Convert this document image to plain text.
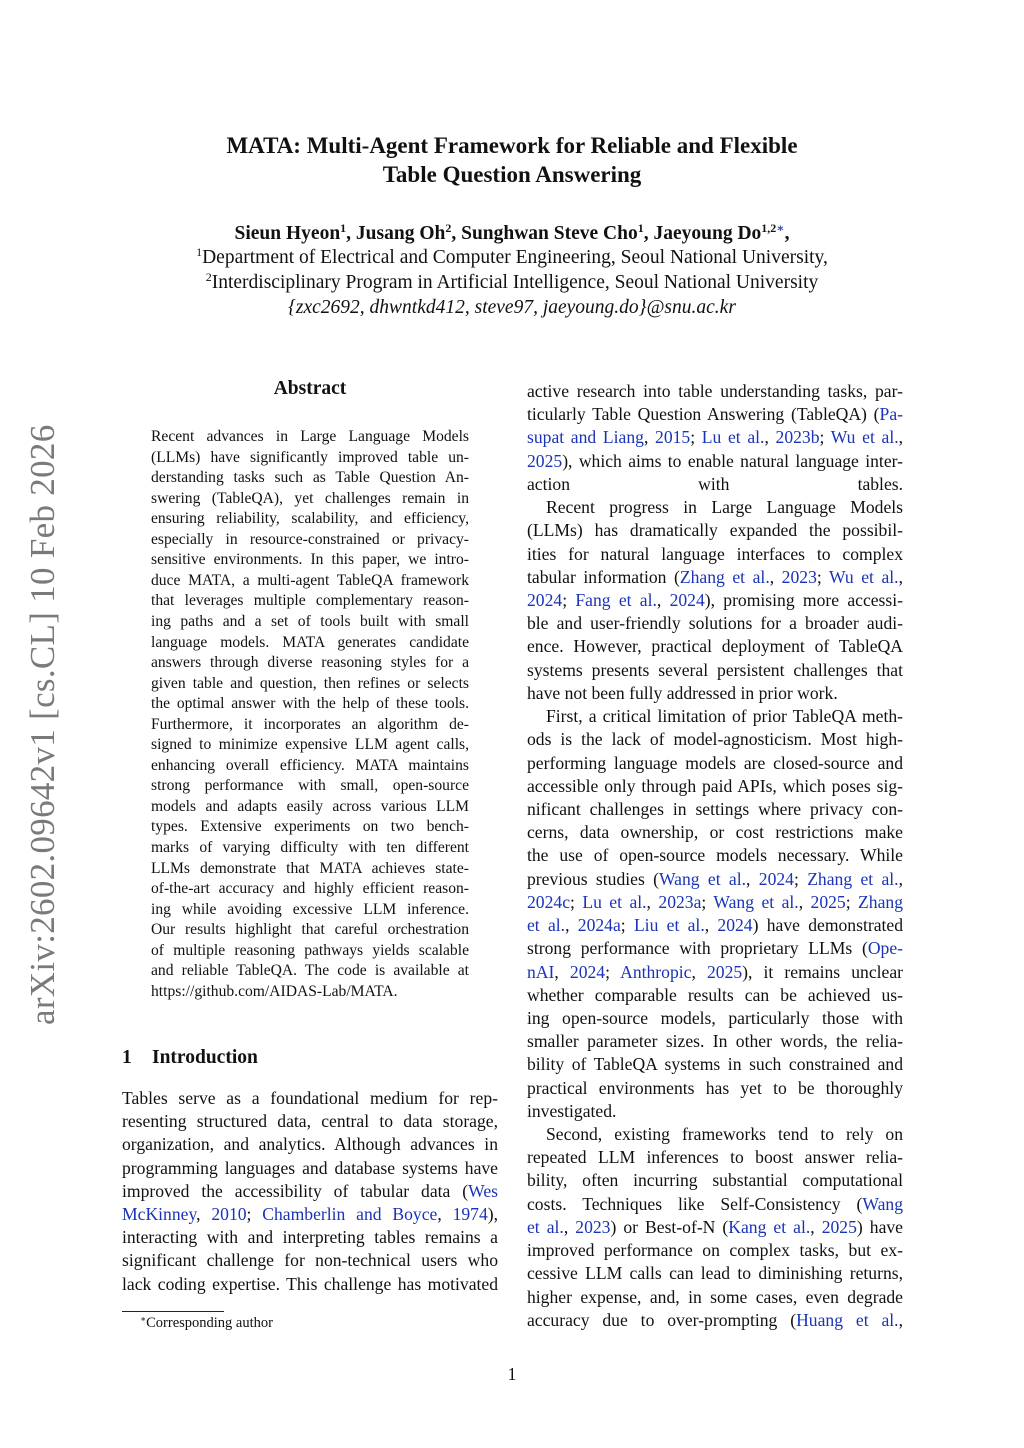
arXiv:2602.09642v1 [cs.CL] 10 Feb 2026
MATA: Multi-Agent Framework for Reliable and Flexible
Table Question Answering
Sieun Hyeon$^1$, Jusang Oh$^2$, Sunghwan Steve Cho$^1$, Jaeyoung $Do^{1,2∗}$,
$^1$Department of Electrical and Computer Engineering, Seoul National University,
$^2$Interdisciplinary Program in Artificial Intelligence, Seoul National University
{zxc2692, dhwntkd412, steve97, jaeyoung.do}@snu.ac.kr
Abstract
Recent advances in Large Language Models
(LLMs) have significantly improved table un-
derstanding tasks such as Table Question An-
swering (TableQA), yet challenges remain in
ensuring reliability, scalability, and efficiency,
especially in resource-constrained or privacy-
sensitive environments. In this paper, we intro-
duce MATA, a multi-agent TableQA framework
that leverages multiple complementary reason-
ing paths and a set of tools built with small
language models. MATA generates candidate
answers through diverse reasoning styles for a
given table and question, then refines or selects
the optimal answer with the help of these tools.
Furthermore, it incorporates an algorithm de-
signed to minimize expensive LLM agent calls,
enhancing overall efficiency. MATA maintains
strong performance with small, open-source
models and adapts easily across various LLM
types. Extensive experiments on two bench-
marks of varying difficulty with ten different
LLMs demonstrate that MATA achieves state-
of-the-art accuracy and highly efficient reason-
ing while avoiding excessive LLM inference.
Our results highlight that careful orchestration
of multiple reasoning pathways yields scalable
and reliable TableQA. The code is available at
https://github.com/AIDAS-Lab/MATA.
1 Introduction
Tables serve as a foundational medium for rep-
resenting structured data, central to data storage,
organization, and analytics. Although advances in
programming languages and database systems have
improved the accessibility of tabular data (Wes
McKinney, 2010; Chamberlin and Boyce, 1974),
interacting with and interpreting tables remains a
significant challenge for non-technical users who
lack coding expertise. This challenge has motivated
active research into table understanding tasks, par-
ticularly Table Question Answering (TableQA) (Pa-
supat and Liang, 2015; Lu et al., 2023b; Wu et al.,
2025), which aims to enable natural language inter-
action with tables.
Recent progress in Large Language Models
(LLMs) has dramatically expanded the possibil-
ities for natural language interfaces to complex
tabular information (Zhang et al., 2023; Wu et al.,
2024; Fang et al., 2024), promising more accessi-
ble and user-friendly solutions for a broader audi-
ence. However, practical deployment of TableQA
systems presents several persistent challenges that
have not been fully addressed in prior work.
First, a critical limitation of prior TableQA meth-
ods is the lack of model-agnosticism. Most high-
performing language models are closed-source and
accessible only through paid APIs, which poses sig-
nificant challenges in settings where privacy con-
cerns, data ownership, or cost restrictions make
the use of open-source models necessary. While
previous studies (Wang et al., 2024; Zhang et al.,
2024c; Lu et al., 2023a; Wang et al., 2025; Zhang
et al., 2024a; Liu et al., 2024) have demonstrated
strong performance with proprietary LLMs (Ope-
nAI, 2024; Anthropic, 2025), it remains unclear
whether comparable results can be achieved us-
ing open-source models, particularly those with
smaller parameter sizes. In other words, the relia-
bility of TableQA systems in such constrained and
practical environments has yet to be thoroughly
investigated.
Second, existing frameworks tend to rely on
repeated LLM inferences to boost answer relia-
bility, often incurring substantial computational
costs. Techniques like Self-Consistency (Wang
et al., 2023) or Best-of-N (Kang et al., 2025) have
improved performance on complex tasks, but ex-
cessive LLM calls can lead to diminishing returns,
higher expense, and, in some cases, even degrade
accuracy due to over-prompting (Huang et al.,
∗Corresponding author
1
